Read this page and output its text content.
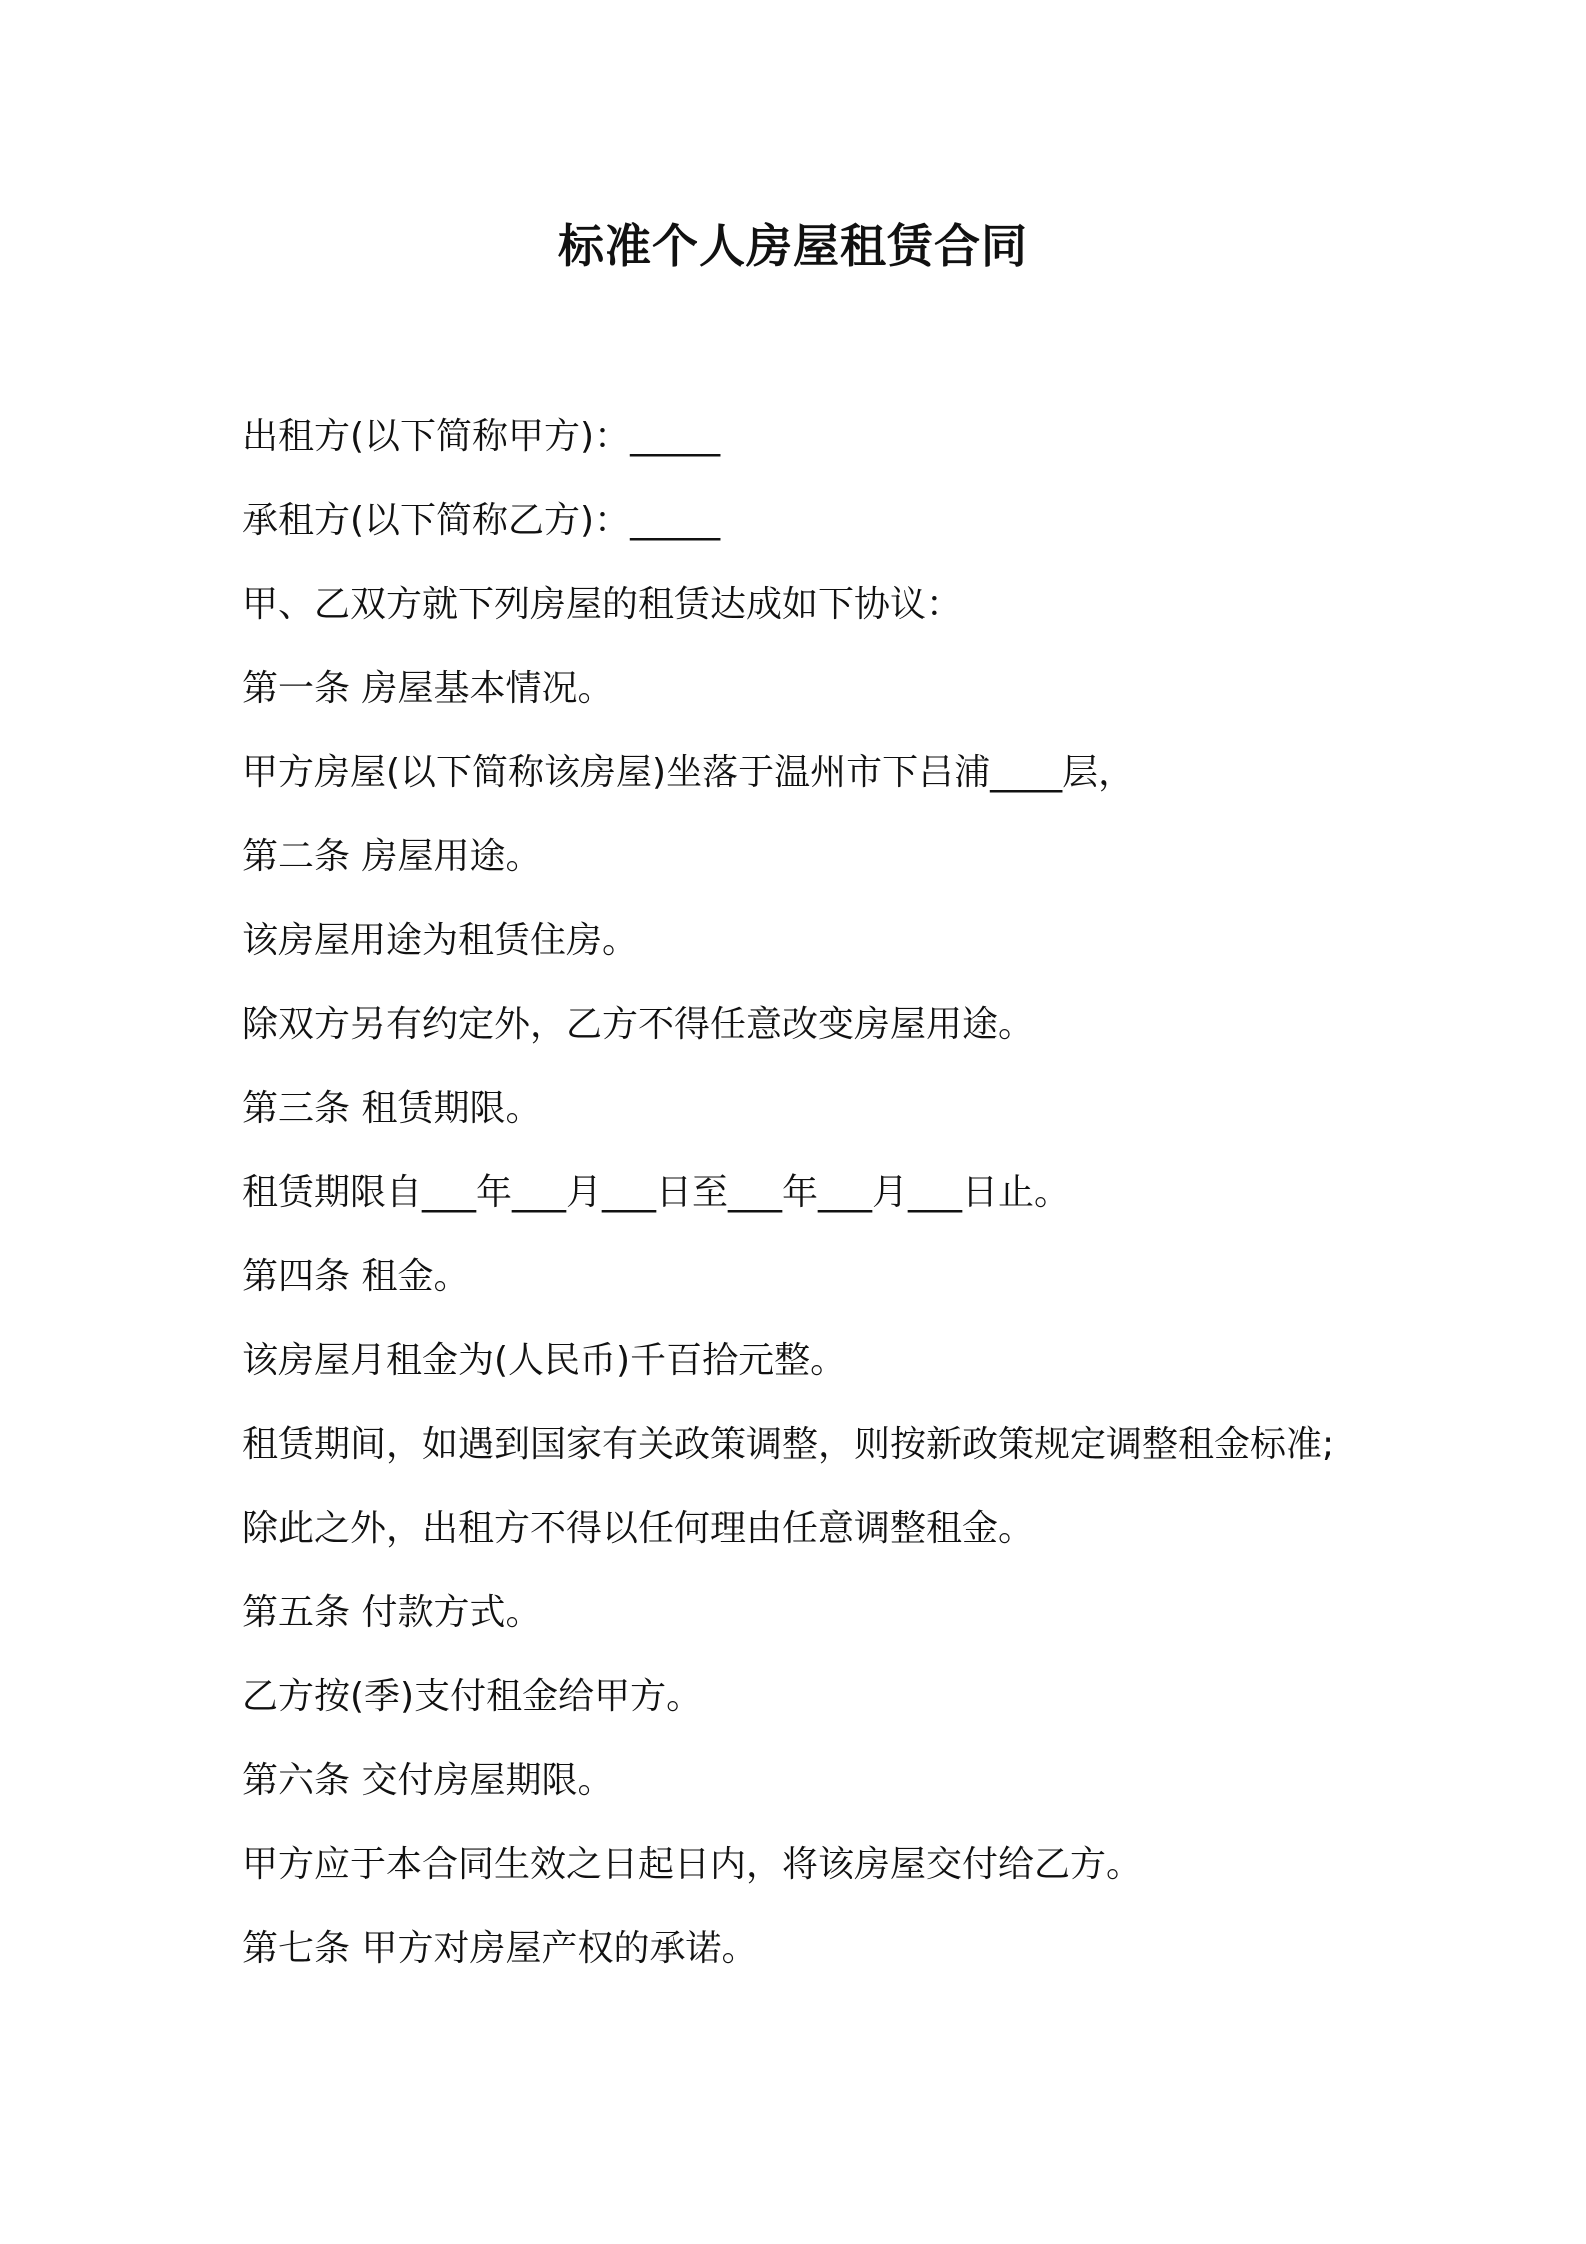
标准个人房屋租赁合同
出租方(以下简称甲方)：_____
承租方(以下简称乙方)：_____
甲、乙双方就下列房屋的租赁达成如下协议：
第一条 房屋基本情况。
甲方房屋(以下简称该房屋)坐落于温州市下吕浦____层，
第二条 房屋用途。
该房屋用途为租赁住房。
除双方另有约定外，乙方不得任意改变房屋用途。
第三条 租赁期限。
租赁期限自___年___月___日至___年___月___日止。
第四条 租金。
该房屋月租金为(人民币)千百拾元整。
租赁期间，如遇到国家有关政策调整，则按新政策规定调整租金标准;
除此之外，出租方不得以任何理由任意调整租金。
第五条 付款方式。
乙方按(季)支付租金给甲方。
第六条 交付房屋期限。
甲方应于本合同生效之日起日内，将该房屋交付给乙方。
第七条 甲方对房屋产权的承诺。
